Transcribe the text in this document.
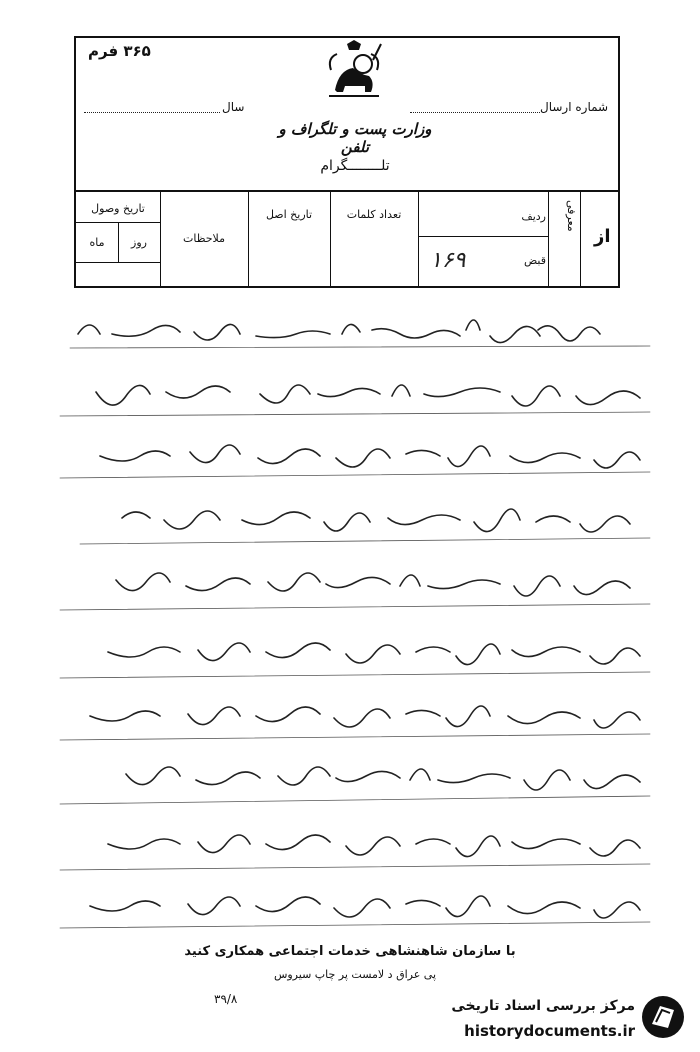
۳۶۵ فرم
شماره ارسال
سال
وزارت پست و تلگراف و تلفن
تلــــــــگرام
از
معرفی
ردیف
قبض
۱۶۹
تعداد کلمات
تاریخ اصل
ملاحظات
تاریخ وصول
روز
ماه
با سازمان شاهنشاهی خدمات اجتماعی همکاری کنید
پی عراق د لامست پر چاپ سیروس
۳۹/۸	مرکز بررسی اسناد تاریخی
historydocuments.ir
